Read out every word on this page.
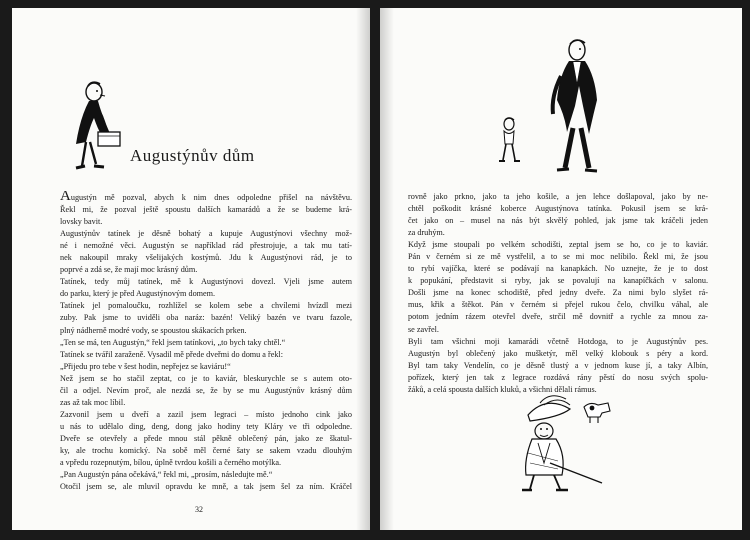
Augustýnův dům

Augustýn mě pozval, abych k nim dnes odpoledne přišel na návštěvu.

Řekl mi, že pozval ještě spoustu dalších kamarádů a že se budeme krá-

lovsky bavit.

Augustýnův tatínek je děsně bohatý a kupuje Augustýnovi všechny mož-

né i nemožné věci. Augustýn se například rád přestrojuje, a tak mu tatí-

nek nakoupil mraky všelijakých kostýmů. Jdu k Augustýnovi rád, je to

poprvé a zdá se, že mají moc krásný dům.

Tatínek, tedy můj tatínek, mě k Augustýnovi dovezl. Vjeli jsme autem

do parku, který je před Augustýnovým domem.

Tatínek jel pomaloučku, rozhlížel se kolem sebe a chvílemi hvízdl mezi

zuby. Pak jsme to uviděli oba naráz: bazén! Veliký bazén ve tvaru fazole,

plný nádherně modré vody, se spoustou skákacích prken.

„Ten se má, ten Augustýn,“ řekl jsem tatínkovi, „to bych taky chtěl.“

Tatínek se tvářil zaraženě. Vysadil mě přede dveřmi do domu a řekl:

„Přijedu pro tebe v šest hodin, nepřejez se kaviáru!“

Než jsem se ho stačil zeptat, co je to kaviár, bleskurychle se s autem oto-

čil a odjel. Nevím proč, ale nezdá se, že by se mu Augustýnův krásný dům

zas až tak moc líbil.

Zazvonil jsem u dveří a zazil jsem legraci – místo jednoho cink jako

u nás to udělalo ding, deng, dong jako hodiny tety Kláry ve tři odpoledne.

Dveře se otevřely a přede mnou stál pěkně oblečený pán, jako ze škatul-

ky, ale trochu komický. Na sobě měl černé šaty se sakem vzadu dlouhým

a vpředu rozepnutým, bílou, úplně tvrdou košili a černého motýlka.

„Pan Augustýn pána očekává,“ řekl mi, „prosím, následujte mě.“

Otočil jsem se, ale mluvil opravdu ke mně, a tak jsem šel za ním. Kráčel

32

rovně jako prkno, jako ta jeho košile, a jen lehce došlapoval, jako by ne-

chtěl poškodit krásné koberce Augustýnova tatínka. Pokusil jsem se krá-

čet jako on – musel na nás být skvělý pohled, jak jsme tak kráčeli jeden

za druhým.

Když jsme stoupali po velkém schodišti, zeptal jsem se ho, co je to kaviár.

Pán v černém si ze mě vystřelil, a to se mi moc nelíbilo. Řekl mi, že jsou

to rybí vajíčka, které se podávají na kanapkách. No uznejte, že je to dost

k popukání, představit si ryby, jak se povalují na kanapíčkách v salonu.

Došli jsme na konec schodiště, před jedny dveře. Za nimi bylo slyšet rá-

mus, křik a štěkot. Pán v černém si přejel rukou čelo, chvilku váhal, ale

potom jedním rázem otevřel dveře, strčil mě dovnitř a rychle za mnou za-

se zavřel.

Byli tam všichni moji kamarádi včetně Hotdoga, to je Augustýnův pes.

Augustýn byl oblečený jako mušketýr, měl velký klobouk s péry a kord.

Byl tam taky Vendelín, co je děsně tlustý a v jednom kuse jí, a taky Albín,

pořízek, který jen tak z legrace rozdává rány pěstí do nosu svých spolu-

žáků, a celá spousta dalších kluků, a všichni dělali rámus.
